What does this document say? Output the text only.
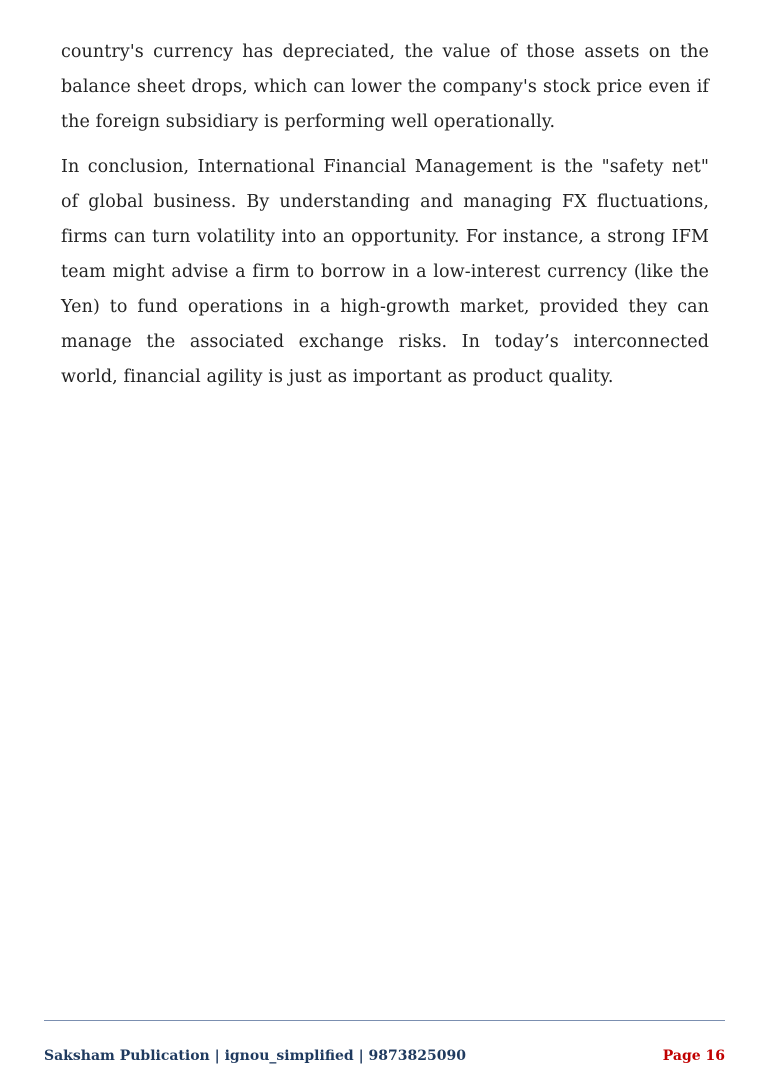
country's currency has depreciated, the value of those assets on the balance sheet drops, which can lower the company's stock price even if the foreign subsidiary is performing well operationally.

In conclusion, International Financial Management is the "safety net" of global business. By understanding and managing FX fluctuations, firms can turn volatility into an opportunity. For instance, a strong IFM team might advise a firm to borrow in a low-interest currency (like the Yen) to fund operations in a high-growth market, provided they can manage the associated exchange risks. In today’s interconnected world, financial agility is just as important as product quality.

Saksham Publication | ignou_simplified | 9873825090	Page 16
